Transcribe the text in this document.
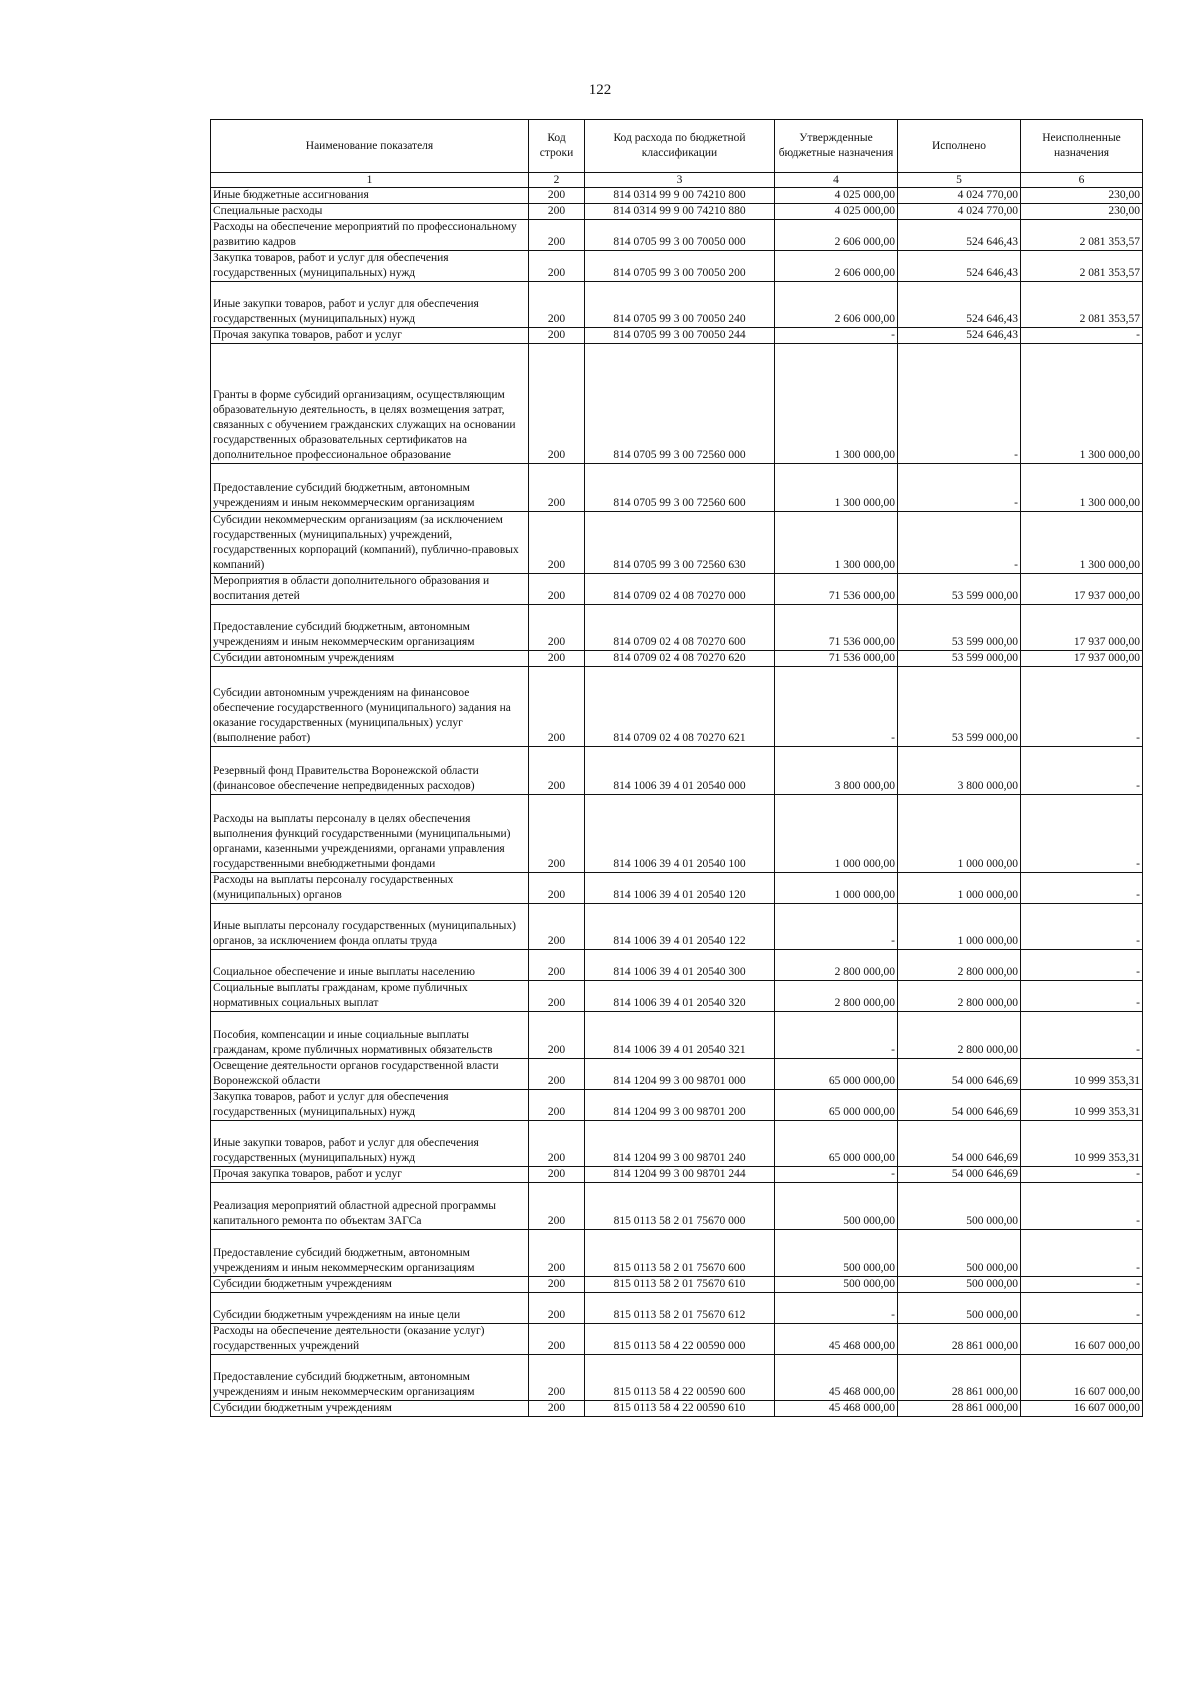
122
Наименование показателя	Код строки	Код расхода по бюджетной классификации	Утвержденные бюджетные назначения	Исполнено	Неисполненные назначения
1	2	3	4	5	6
Иные бюджетные ассигнования	200	814 0314 99 9 00 74210 800	4 025 000,00	4 024 770,00	230,00
Специальные расходы	200	814 0314 99 9 00 74210 880	4 025 000,00	4 024 770,00	230,00
Расходы на обеспечение мероприятий по профессиональному развитию кадров	200	814 0705 99 3 00 70050 000	2 606 000,00	524 646,43	2 081 353,57
Закупка товаров, работ и услуг для обеспечения государственных (муниципальных) нужд	200	814 0705 99 3 00 70050 200	2 606 000,00	524 646,43	2 081 353,57
Иные закупки товаров, работ и услуг для обеспечения государственных (муниципальных) нужд	200	814 0705 99 3 00 70050 240	2 606 000,00	524 646,43	2 081 353,57
Прочая закупка товаров, работ и услуг	200	814 0705 99 3 00 70050 244	-	524 646,43	-
Гранты в форме субсидий организациям, осуществляющим образовательную деятельность, в целях возмещения затрат, связанных с обучением гражданских служащих на основании государственных образовательных сертификатов на дополнительное профессиональное образование	200	814 0705 99 3 00 72560 000	1 300 000,00	-	1 300 000,00
Предоставление субсидий бюджетным, автономным учреждениям и иным некоммерческим организациям	200	814 0705 99 3 00 72560 600	1 300 000,00	-	1 300 000,00
Субсидии некоммерческим организациям (за исключением государственных (муниципальных) учреждений, государственных корпораций (компаний), публично-правовых компаний)	200	814 0705 99 3 00 72560 630	1 300 000,00	-	1 300 000,00
Мероприятия в области дополнительного образования и воспитания детей	200	814 0709 02 4 08 70270 000	71 536 000,00	53 599 000,00	17 937 000,00
Предоставление субсидий бюджетным, автономным учреждениям и иным некоммерческим организациям	200	814 0709 02 4 08 70270 600	71 536 000,00	53 599 000,00	17 937 000,00
Субсидии автономным учреждениям	200	814 0709 02 4 08 70270 620	71 536 000,00	53 599 000,00	17 937 000,00
Субсидии автономным учреждениям на финансовое обеспечение государственного (муниципального) задания на оказание государственных (муниципальных) услуг (выполнение работ)	200	814 0709 02 4 08 70270 621	-	53 599 000,00	-
Резервный фонд Правительства Воронежской области (финансовое обеспечение непредвиденных расходов)	200	814 1006 39 4 01 20540 000	3 800 000,00	3 800 000,00	-
Расходы на выплаты персоналу в целях обеспечения выполнения функций государственными (муниципальными) органами, казенными учреждениями, органами управления государственными внебюджетными фондами	200	814 1006 39 4 01 20540 100	1 000 000,00	1 000 000,00	-
Расходы на выплаты персоналу государственных (муниципальных) органов	200	814 1006 39 4 01 20540 120	1 000 000,00	1 000 000,00	-
Иные выплаты персоналу государственных (муниципальных) органов, за исключением фонда оплаты труда	200	814 1006 39 4 01 20540 122	-	1 000 000,00	-
Социальное обеспечение и иные выплаты населению	200	814 1006 39 4 01 20540 300	2 800 000,00	2 800 000,00	-
Социальные выплаты гражданам, кроме публичных нормативных социальных выплат	200	814 1006 39 4 01 20540 320	2 800 000,00	2 800 000,00	-
Пособия, компенсации и иные социальные выплаты гражданам, кроме публичных нормативных обязательств	200	814 1006 39 4 01 20540 321	-	2 800 000,00	-
Освещение деятельности органов государственной власти Воронежской области	200	814 1204 99 3 00 98701 000	65 000 000,00	54 000 646,69	10 999 353,31
Закупка товаров, работ и услуг для обеспечения государственных (муниципальных) нужд	200	814 1204 99 3 00 98701 200	65 000 000,00	54 000 646,69	10 999 353,31
Иные закупки товаров, работ и услуг для обеспечения государственных (муниципальных) нужд	200	814 1204 99 3 00 98701 240	65 000 000,00	54 000 646,69	10 999 353,31
Прочая закупка товаров, работ и услуг	200	814 1204 99 3 00 98701 244	-	54 000 646,69	-
Реализация мероприятий областной адресной программы капитального ремонта по объектам ЗАГСа	200	815 0113 58 2 01 75670 000	500 000,00	500 000,00	-
Предоставление субсидий бюджетным, автономным учреждениям и иным некоммерческим организациям	200	815 0113 58 2 01 75670 600	500 000,00	500 000,00	-
Субсидии бюджетным учреждениям	200	815 0113 58 2 01 75670 610	500 000,00	500 000,00	-
Субсидии бюджетным учреждениям на иные цели	200	815 0113 58 2 01 75670 612	-	500 000,00	-
Расходы на обеспечение деятельности (оказание услуг) государственных учреждений	200	815 0113 58 4 22 00590 000	45 468 000,00	28 861 000,00	16 607 000,00
Предоставление субсидий бюджетным, автономным учреждениям и иным некоммерческим организациям	200	815 0113 58 4 22 00590 600	45 468 000,00	28 861 000,00	16 607 000,00
Субсидии бюджетным учреждениям	200	815 0113 58 4 22 00590 610	45 468 000,00	28 861 000,00	16 607 000,00
